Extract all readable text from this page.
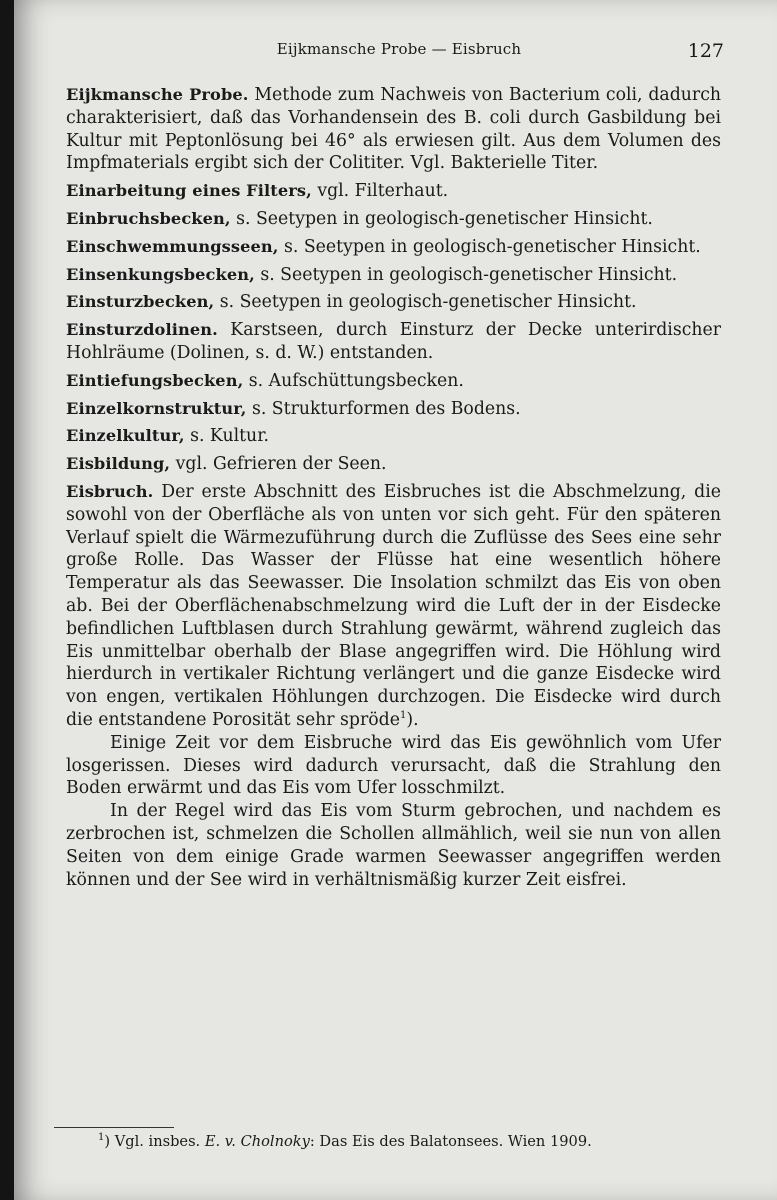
Eijkmansche Probe — Eisbruch	127

Eijkmansche Probe. Methode zum Nachweis von Bacterium coli, dadurch charakterisiert, daß das Vorhandensein des B. coli durch Gasbildung bei Kultur mit Peptonlösung bei 46° als erwiesen gilt. Aus dem Volumen des Impfmaterials ergibt sich der Colititer. Vgl. Bakterielle Titer.

Einarbeitung eines Filters, vgl. Filterhaut.

Einbruchsbecken, s. Seetypen in geologisch-genetischer Hinsicht.

Einschwemmungsseen, s. Seetypen in geologisch-genetischer Hinsicht.

Einsenkungsbecken, s. Seetypen in geologisch-genetischer Hinsicht.

Einsturzbecken, s. Seetypen in geologisch-genetischer Hinsicht.

Einsturzdolinen. Karstseen, durch Einsturz der Decke unterirdischer Hohlräume (Dolinen, s. d. W.) entstanden.

Eintiefungsbecken, s. Aufschüttungsbecken.

Einzelkornstruktur, s. Strukturformen des Bodens.

Einzelkultur, s. Kultur.

Eisbildung, vgl. Gefrieren der Seen.

Eisbruch. Der erste Abschnitt des Eisbruches ist die Abschmelzung, die sowohl von der Oberfläche als von unten vor sich geht. Für den späteren Verlauf spielt die Wärmezuführung durch die Zuflüsse des Sees eine sehr große Rolle. Das Wasser der Flüsse hat eine wesentlich höhere Temperatur als das Seewasser. Die Insolation schmilzt das Eis von oben ab. Bei der Oberflächenabschmelzung wird die Luft der in der Eisdecke befindlichen Luftblasen durch Strahlung gewärmt, während zugleich das Eis unmittelbar oberhalb der Blase angegriffen wird. Die Höhlung wird hierdurch in vertikaler Richtung verlängert und die ganze Eisdecke wird von engen, vertikalen Höhlungen durchzogen. Die Eisdecke wird durch die entstandene Porosität sehr spröde$^1$).

Einige Zeit vor dem Eisbruche wird das Eis gewöhnlich vom Ufer losgerissen. Dieses wird dadurch verursacht, daß die Strahlung den Boden erwärmt und das Eis vom Ufer losschmilzt.

In der Regel wird das Eis vom Sturm gebrochen, und nachdem es zerbrochen ist, schmelzen die Schollen allmählich, weil sie nun von allen Seiten von dem einige Grade warmen Seewasser angegriffen werden können und der See wird in verhältnismäßig kurzer Zeit eisfrei.

$^1$) Vgl. insbes. E. v. Cholnoky: Das Eis des Balatonsees. Wien 1909.
